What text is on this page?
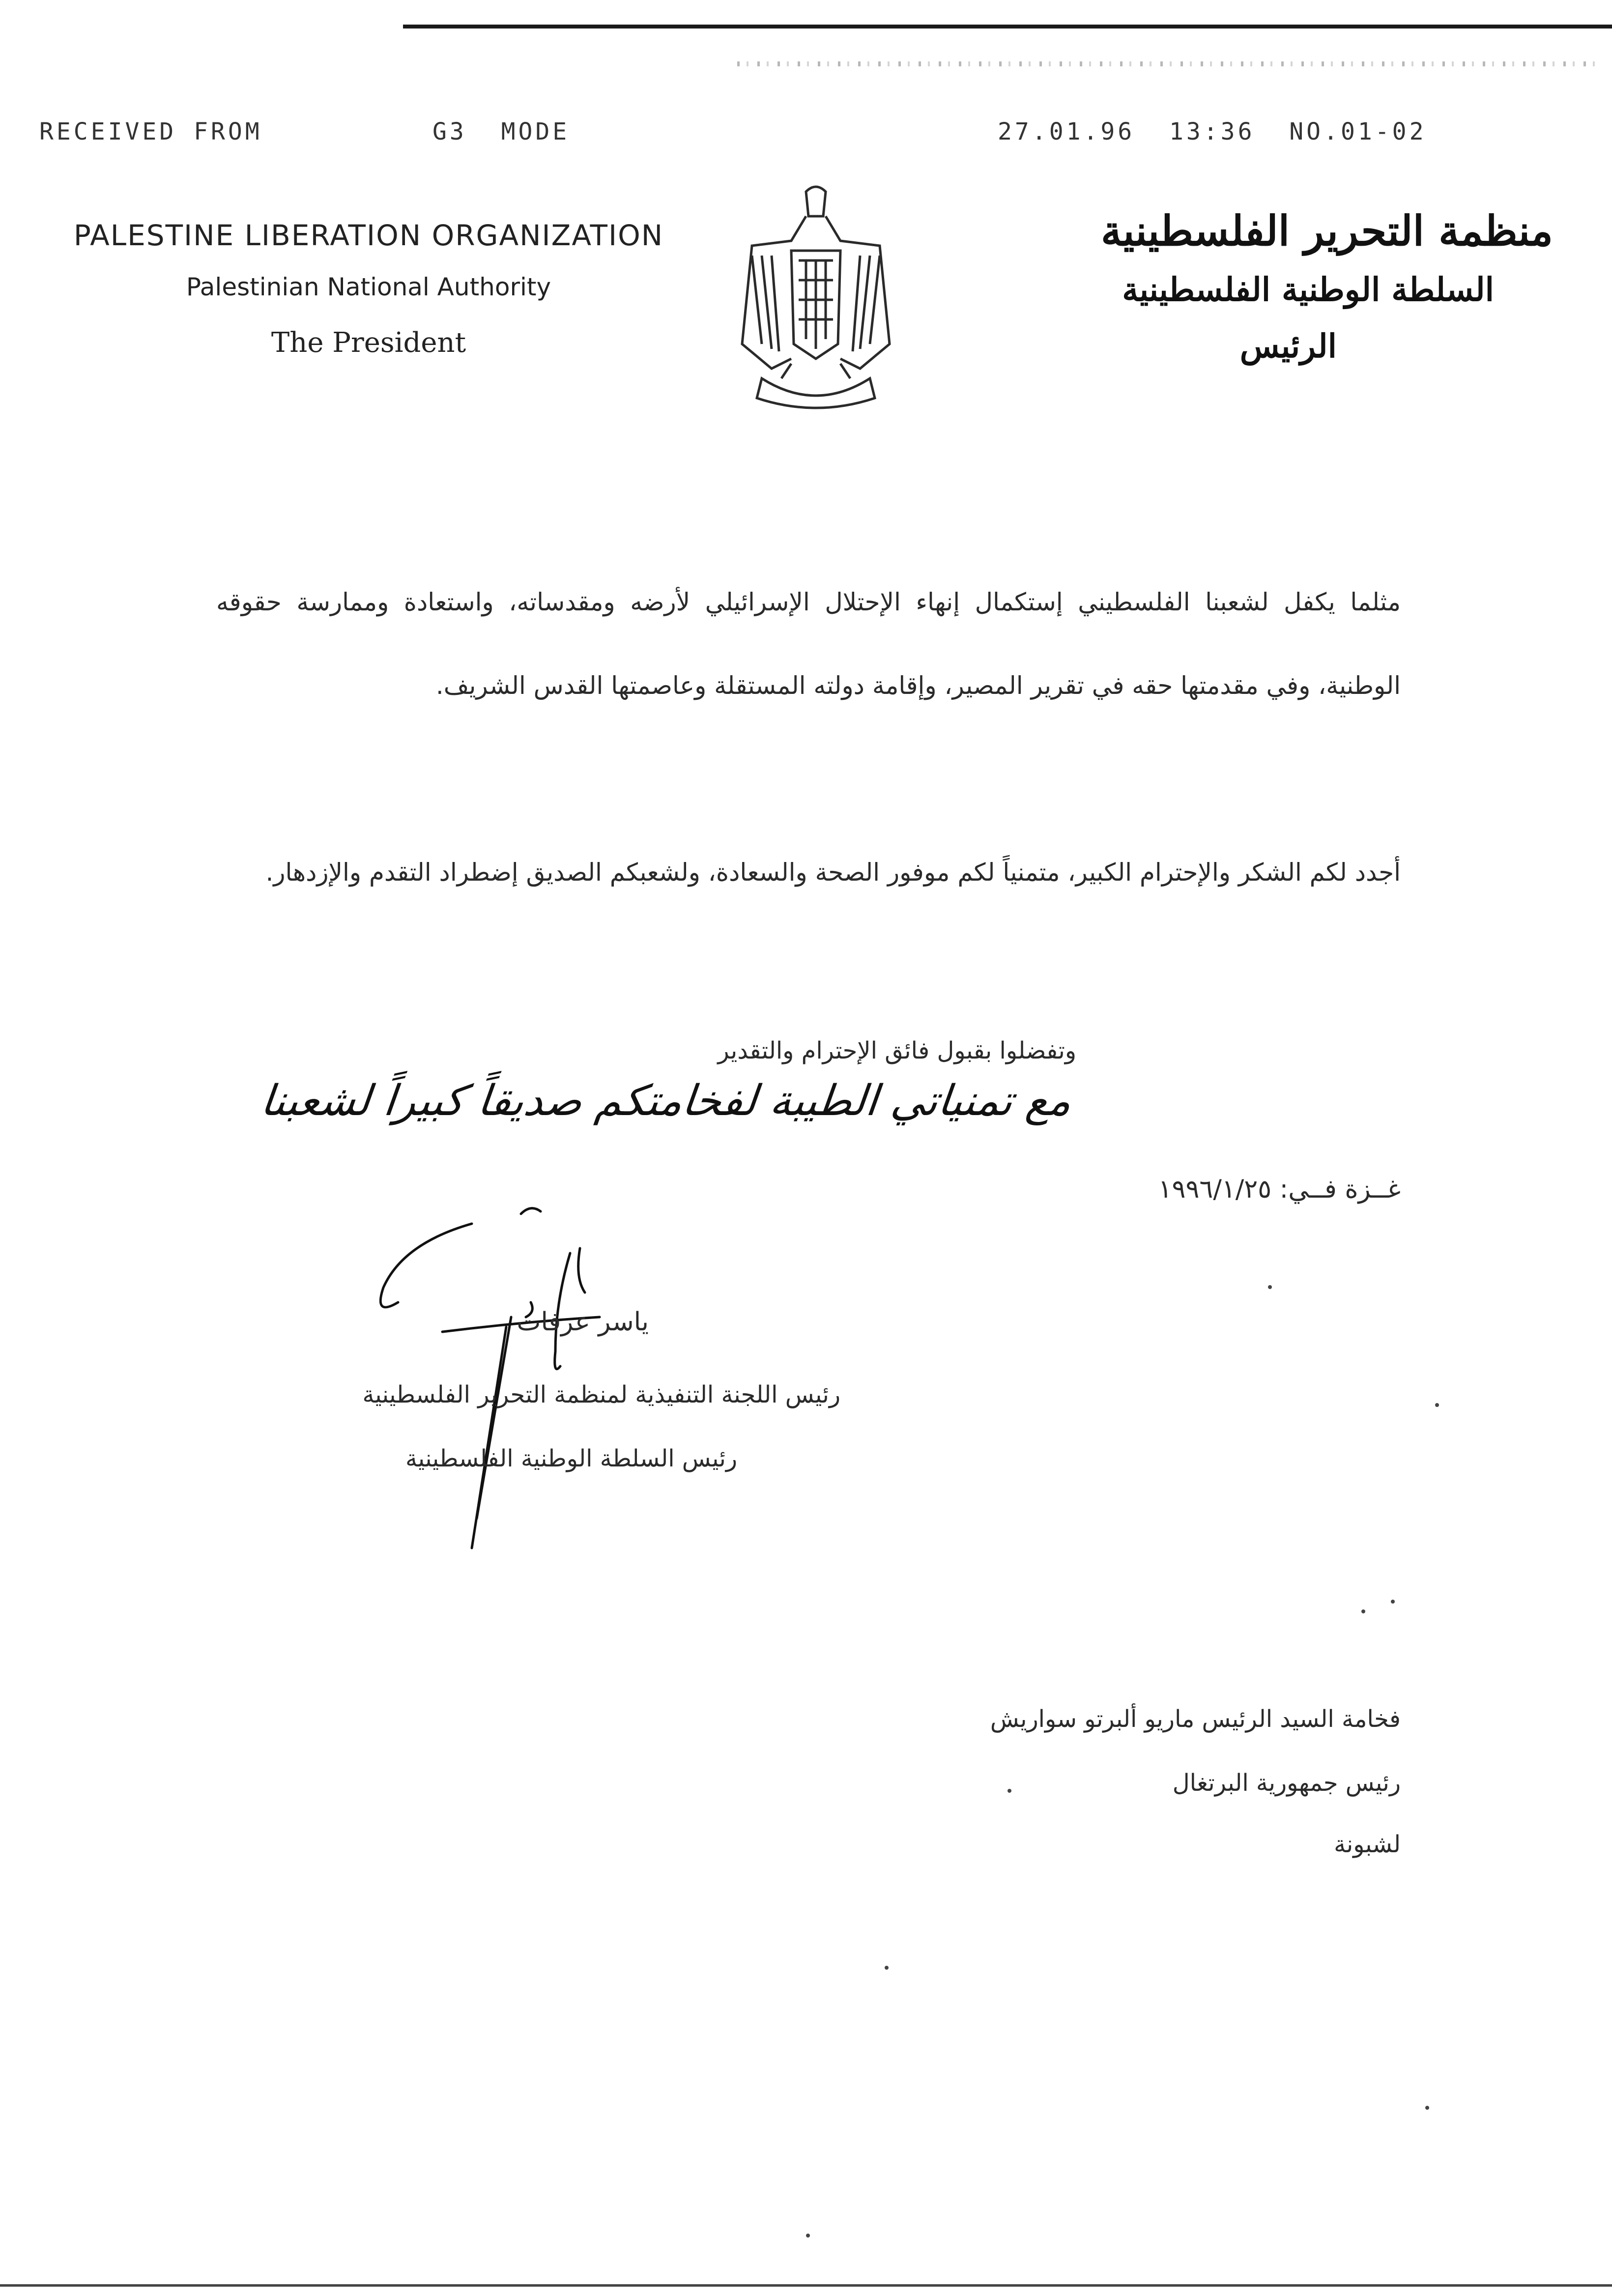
RECEIVED FROM	G3  MODE	27.01.96  13:36  NO.01-02
PALESTINE LIBERATION ORGANIZATION
Palestinian National Authority
The President
منظمة التحرير الفلسطينية
السلطة الوطنية الفلسطينية
الرئيس
مثلما يكفل لشعبنا الفلسطيني إستكمال إنهاء الإحتلال الإسرائيلي لأرضه ومقدساته، واستعادة وممارسة حقوقه الوطنية، وفي مقدمتها حقه في تقرير المصير، وإقامة دولته المستقلة وعاصمتها القدس الشريف.
أجدد لكم الشكر والإحترام الكبير، متمنياً لكم موفور الصحة والسعادة، ولشعبكم الصديق إضطراد التقدم والإزدهار.
وتفضلوا بقبول فائق الإحترام والتقدير
مع تمنياتي الطيبة لفخامتكم صديقاً كبيراً لشعبنا
غــزة فــي: ١٩٩٦/١/٢٥
ياسر عرفات
رئيس اللجنة التنفيذية لمنظمة التحرير الفلسطينية
رئيس السلطة الوطنية الفلسطينية
فخامة السيد الرئيس ماريو ألبرتو سواريش
رئيس جمهورية البرتغال
لشبونة
